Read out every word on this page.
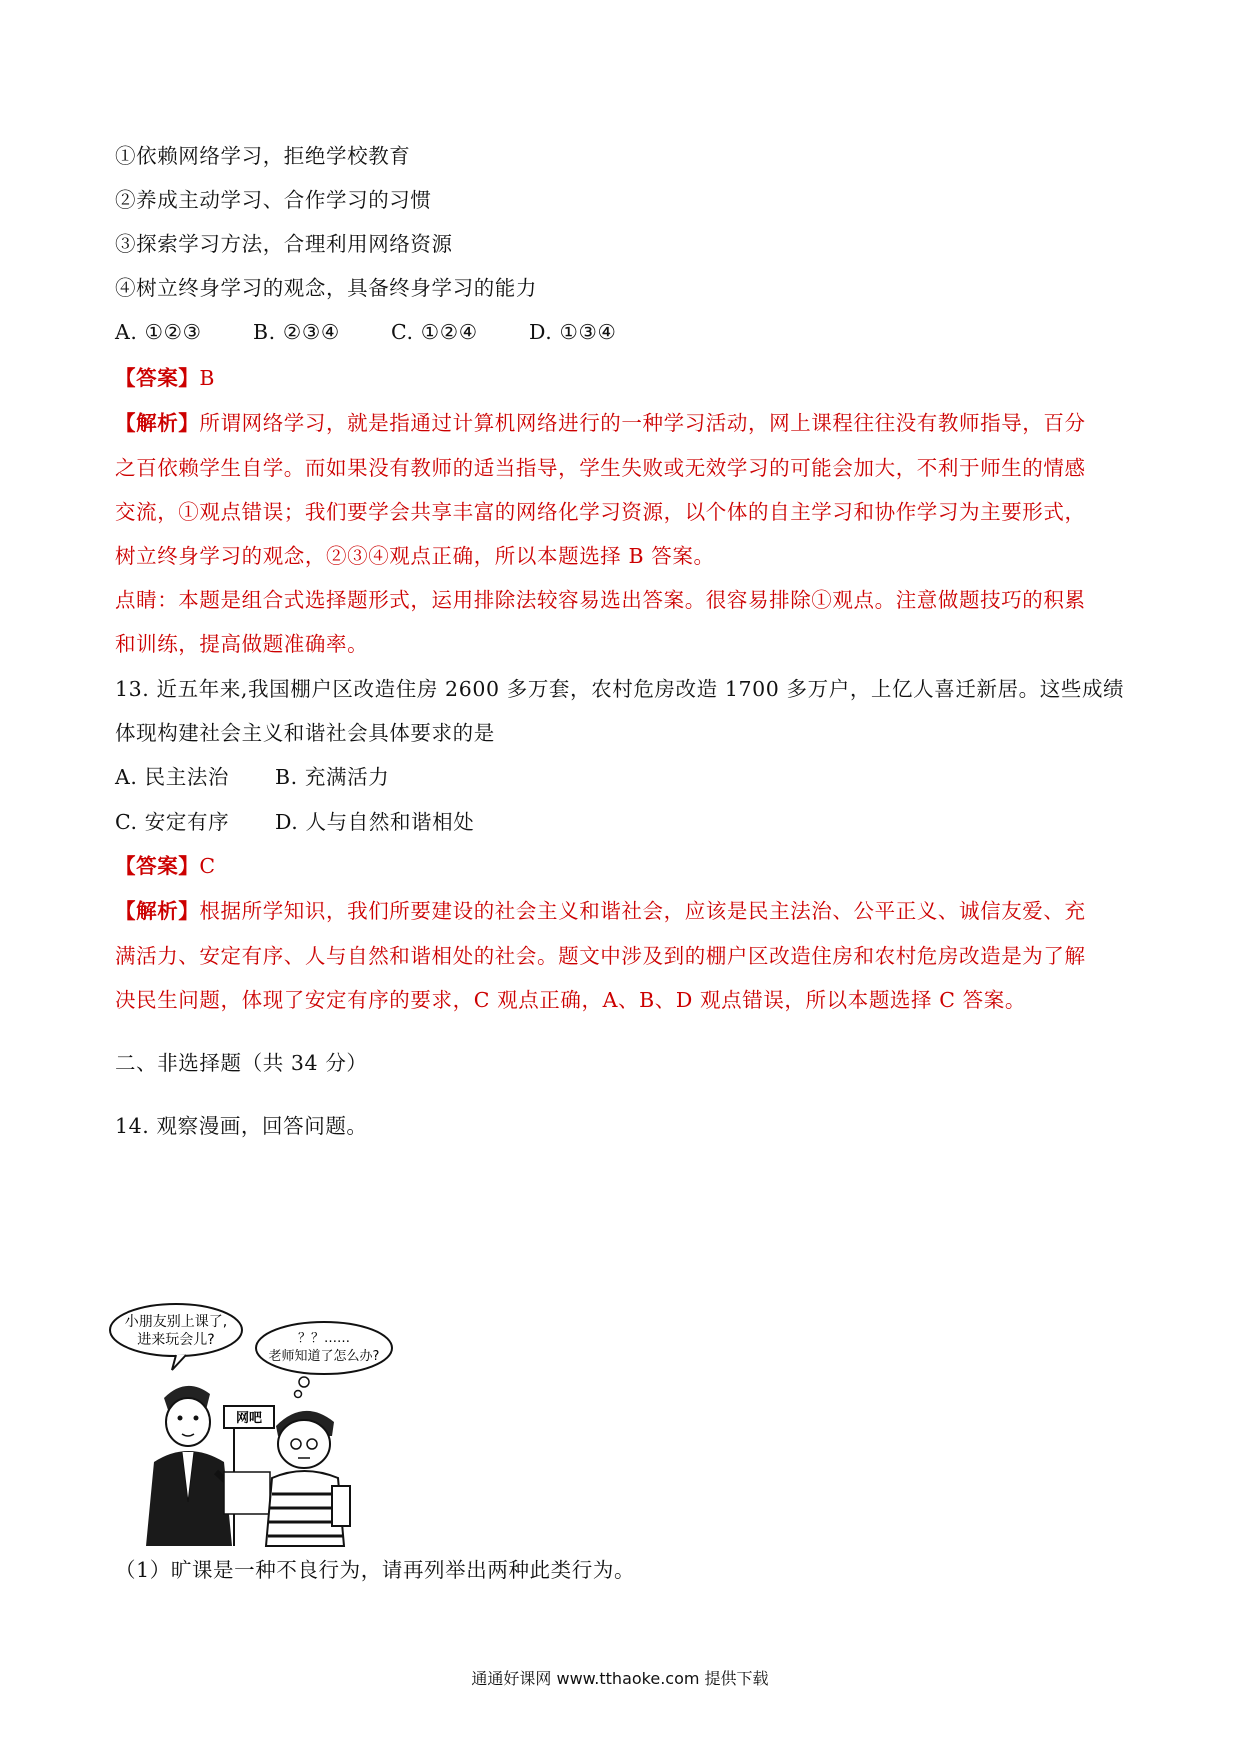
①依赖网络学习，拒绝学校教育
②养成主动学习、合作学习的习惯
③探索学习方法，合理利用网络资源
④树立终身学习的观念，具备终身学习的能力
A. ①②③	B. ②③④ C. ①②④	D. ①③④
【答案】B
【解析】所谓网络学习，就是指通过计算机网络进行的一种学习活动，网上课程往往没有教师指导，百分
之百依赖学生自学。而如果没有教师的适当指导，学生失败或无效学习的可能会加大，不利于师生的情感
交流，①观点错误；我们要学会共享丰富的网络化学习资源，以个体的自主学习和协作学习为主要形式，
树立终身学习的观念，②③④观点正确，所以本题选择 B 答案。
点睛：本题是组合式选择题形式，运用排除法较容易选出答案。很容易排除①观点。注意做题技巧的积累
和训练，提高做题准确率。
13. 近五年来,我国棚户区改造住房 2600 多万套，农村危房改造 1700 多万户，上亿人喜迁新居。这些成绩
体现构建社会主义和谐社会具体要求的是
A. 民主法治 B. 充满活力
C. 安定有序 D. 人与自然和谐相处
【答案】C
【解析】根据所学知识，我们所要建设的社会主义和谐社会，应该是民主法治、公平正义、诚信友爱、充
满活力、安定有序、人与自然和谐相处的社会。题文中涉及到的棚户区改造住房和农村危房改造是为了解
决民生问题，体现了安定有序的要求，C 观点正确，A、B、D 观点错误，所以本题选择 C 答案。
二、非选择题（共 34 分）
14. 观察漫画，回答问题。
小朋友别上课了,
进来玩会儿?	？？……
老师知道了怎么办?
网吧
（1）旷课是一种不良行为，请再列举出两种此类行为。
通通好课网 www.tthaoke.com 提供下载
